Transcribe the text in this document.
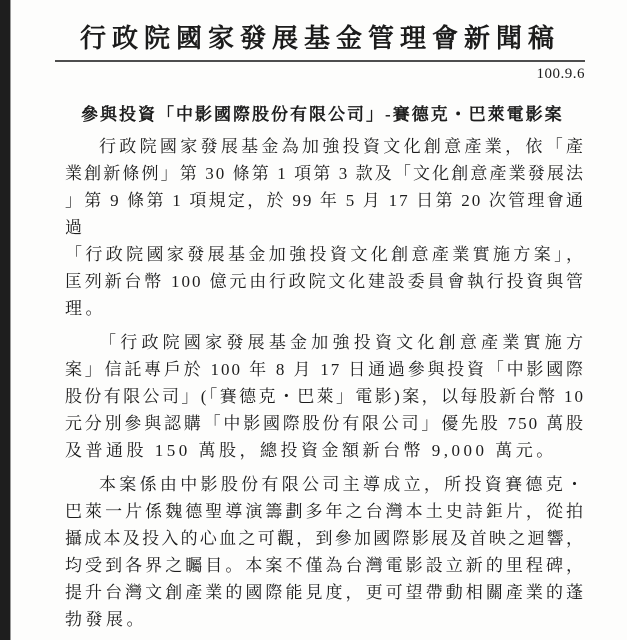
行政院國家發展基金管理會新聞稿
100.9.6
參與投資「中影國際股份有限公司」-賽德克・巴萊電影案
行政院國家發展基金為加強投資文化創意產業，依「產
業創新條例」第 30 條第 1 項第 3 款及「文化創意產業發展法
」第 9 條第 1 項規定，於 99 年 5 月 17 日第 20 次管理會通過
「行政院國家發展基金加強投資文化創意產業實施方案」，
匡列新台幣 100 億元由行政院文化建設委員會執行投資與管
理。
「行政院國家發展基金加強投資文化創意產業實施方
案」信託專戶於 100 年 8 月 17 日通過參與投資「中影國際
股份有限公司」(「賽德克・巴萊」電影)案，以每股新台幣 10
元分別參與認購「中影國際股份有限公司」優先股 750 萬股
及普通股 150 萬股，總投資金額新台幣 9,000 萬元。
本案係由中影股份有限公司主導成立，所投資賽德克・
巴萊一片係魏德聖導演籌劃多年之台灣本土史詩鉅片，從拍
攝成本及投入的心血之可觀，到參加國際影展及首映之迴響，
均受到各界之矚目。本案不僅為台灣電影設立新的里程碑，
提升台灣文創產業的國際能見度，更可望帶動相關產業的蓬
勃發展。
